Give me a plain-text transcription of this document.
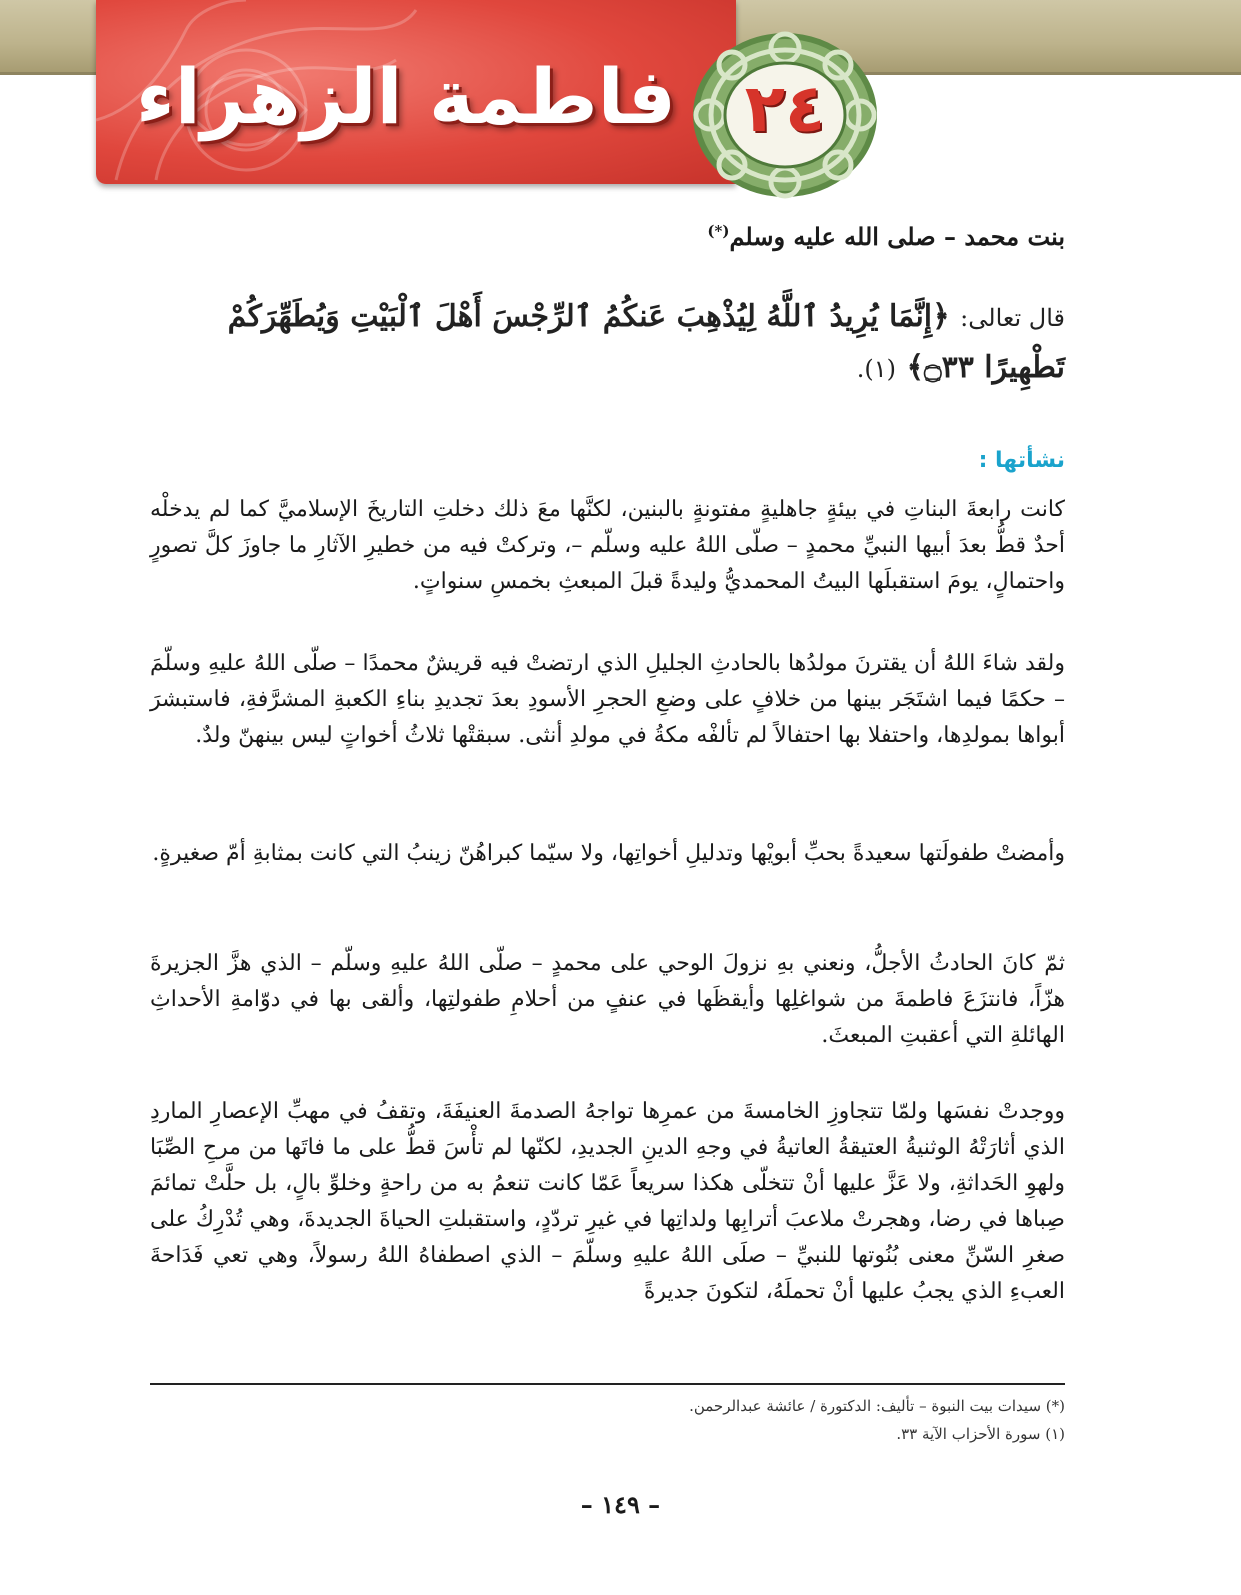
فاطمة الزهراء	٢٤
بنت محمد – صلى الله عليه وسلم(*)
قال تعالى: ﴿إِنَّمَا يُرِيدُ ٱللَّهُ لِيُذْهِبَ عَنكُمُ ٱلرِّجْسَ أَهْلَ ٱلْبَيْتِ وَيُطَهِّرَكُمْ تَطْهِيرًا ۝٣٣﴾ (١).
نشأتها :
كانت رابعةَ البناتِ في بيئةٍ جاهليةٍ مفتونةٍ بالبنين، لكنَّها معَ ذلك دخلتِ التاريخَ الإسلاميَّ كما لم يدخلْه أحدٌ قطُّ بعدَ أبيها النبيِّ محمدٍ – صلّى اللهُ عليه وسلّم –، وتركتْ فيه من خطيرِ الآثارِ ما جاوزَ كلَّ تصورٍ واحتمالٍ، يومَ استقبلَها البيتُ المحمديُّ وليدةً قبلَ المبعثِ بخمسِ سنواتٍ.
ولقد شاءَ اللهُ أن يقترنَ مولدُها بالحادثِ الجليلِ الذي ارتضتْ فيه قريشٌ محمدًا – صلّى اللهُ عليهِ وسلّمَ – حكمًا فيما اشتَجَر بينها من خلافٍ على وضعِ الحجرِ الأسودِ بعدَ تجديدِ بناءِ الكعبةِ المشرَّفةِ، فاستبشرَ أبواها بمولدِها، واحتفلا بها احتفالاً لم تألفْه مكةُ في مولدِ أنثى. سبقتْها ثلاثُ أخواتٍ ليس بينهنّ ولدٌ.
وأمضتْ طفولَتها سعيدةً بحبِّ أبويْها وتدليلِ أخواتِها، ولا سيّما كبراهُنّ زينبُ التي كانت بمثابةِ أمّ صغيرةٍ.
ثمّ كانَ الحادثُ الأجلُّ، ونعني بهِ نزولَ الوحي على محمدٍ – صلّى اللهُ عليهِ وسلّم – الذي هزَّ الجزيرةَ هزّاً، فانتزَعَ فاطمةَ من شواغلِها وأيقظَها في عنفٍ من أحلامِ طفولتِها، وألقى بها في دوّامةِ الأحداثِ الهائلةِ التي أعقبتِ المبعثَ.
ووجدتْ نفسَها ولمّا تتجاوزِ الخامسةَ من عمرِها تواجهُ الصدمةَ العنيفَةَ، وتقفُ في مهبِّ الإعصارِ الماردِ الذي أثارَتْهُ الوثنيةُ العتيقةُ العاتيةُ في وجهِ الدينِ الجديدِ، لكنّها لم تأْسَ قطُّ على ما فاتَها من مرحِ الصِّبَا ولهوِ الحَداثةِ، ولا عَزَّ عليها أنْ تتخلّى هكذا سريعاً عَمّا كانت تنعمُ به من راحةٍ وخلوِّ بالٍ، بل حلَّتْ تمائمَ صِباها في رضا، وهجرتْ ملاعبَ أترابِها ولداتِها في غيرِ تردّدٍ، واستقبلتِ الحياةَ الجديدةَ، وهي تُدْرِكُ على صغرِ السّنِّ معنى بُنُوتها للنبيِّ – صلَى اللهُ عليهِ وسلّمَ – الذي اصطفاهُ اللهُ رسولاً، وهي تعي فَدَاحةَ العبءِ الذي يجبُ عليها أنْ تحملَهُ، لتكونَ جديرةً
(*) سيدات بيت النبوة – تأليف: الدكتورة / عائشة عبدالرحمن.
(١) سورة الأحزاب الآية ٣٣.
– ١٤٩ –
